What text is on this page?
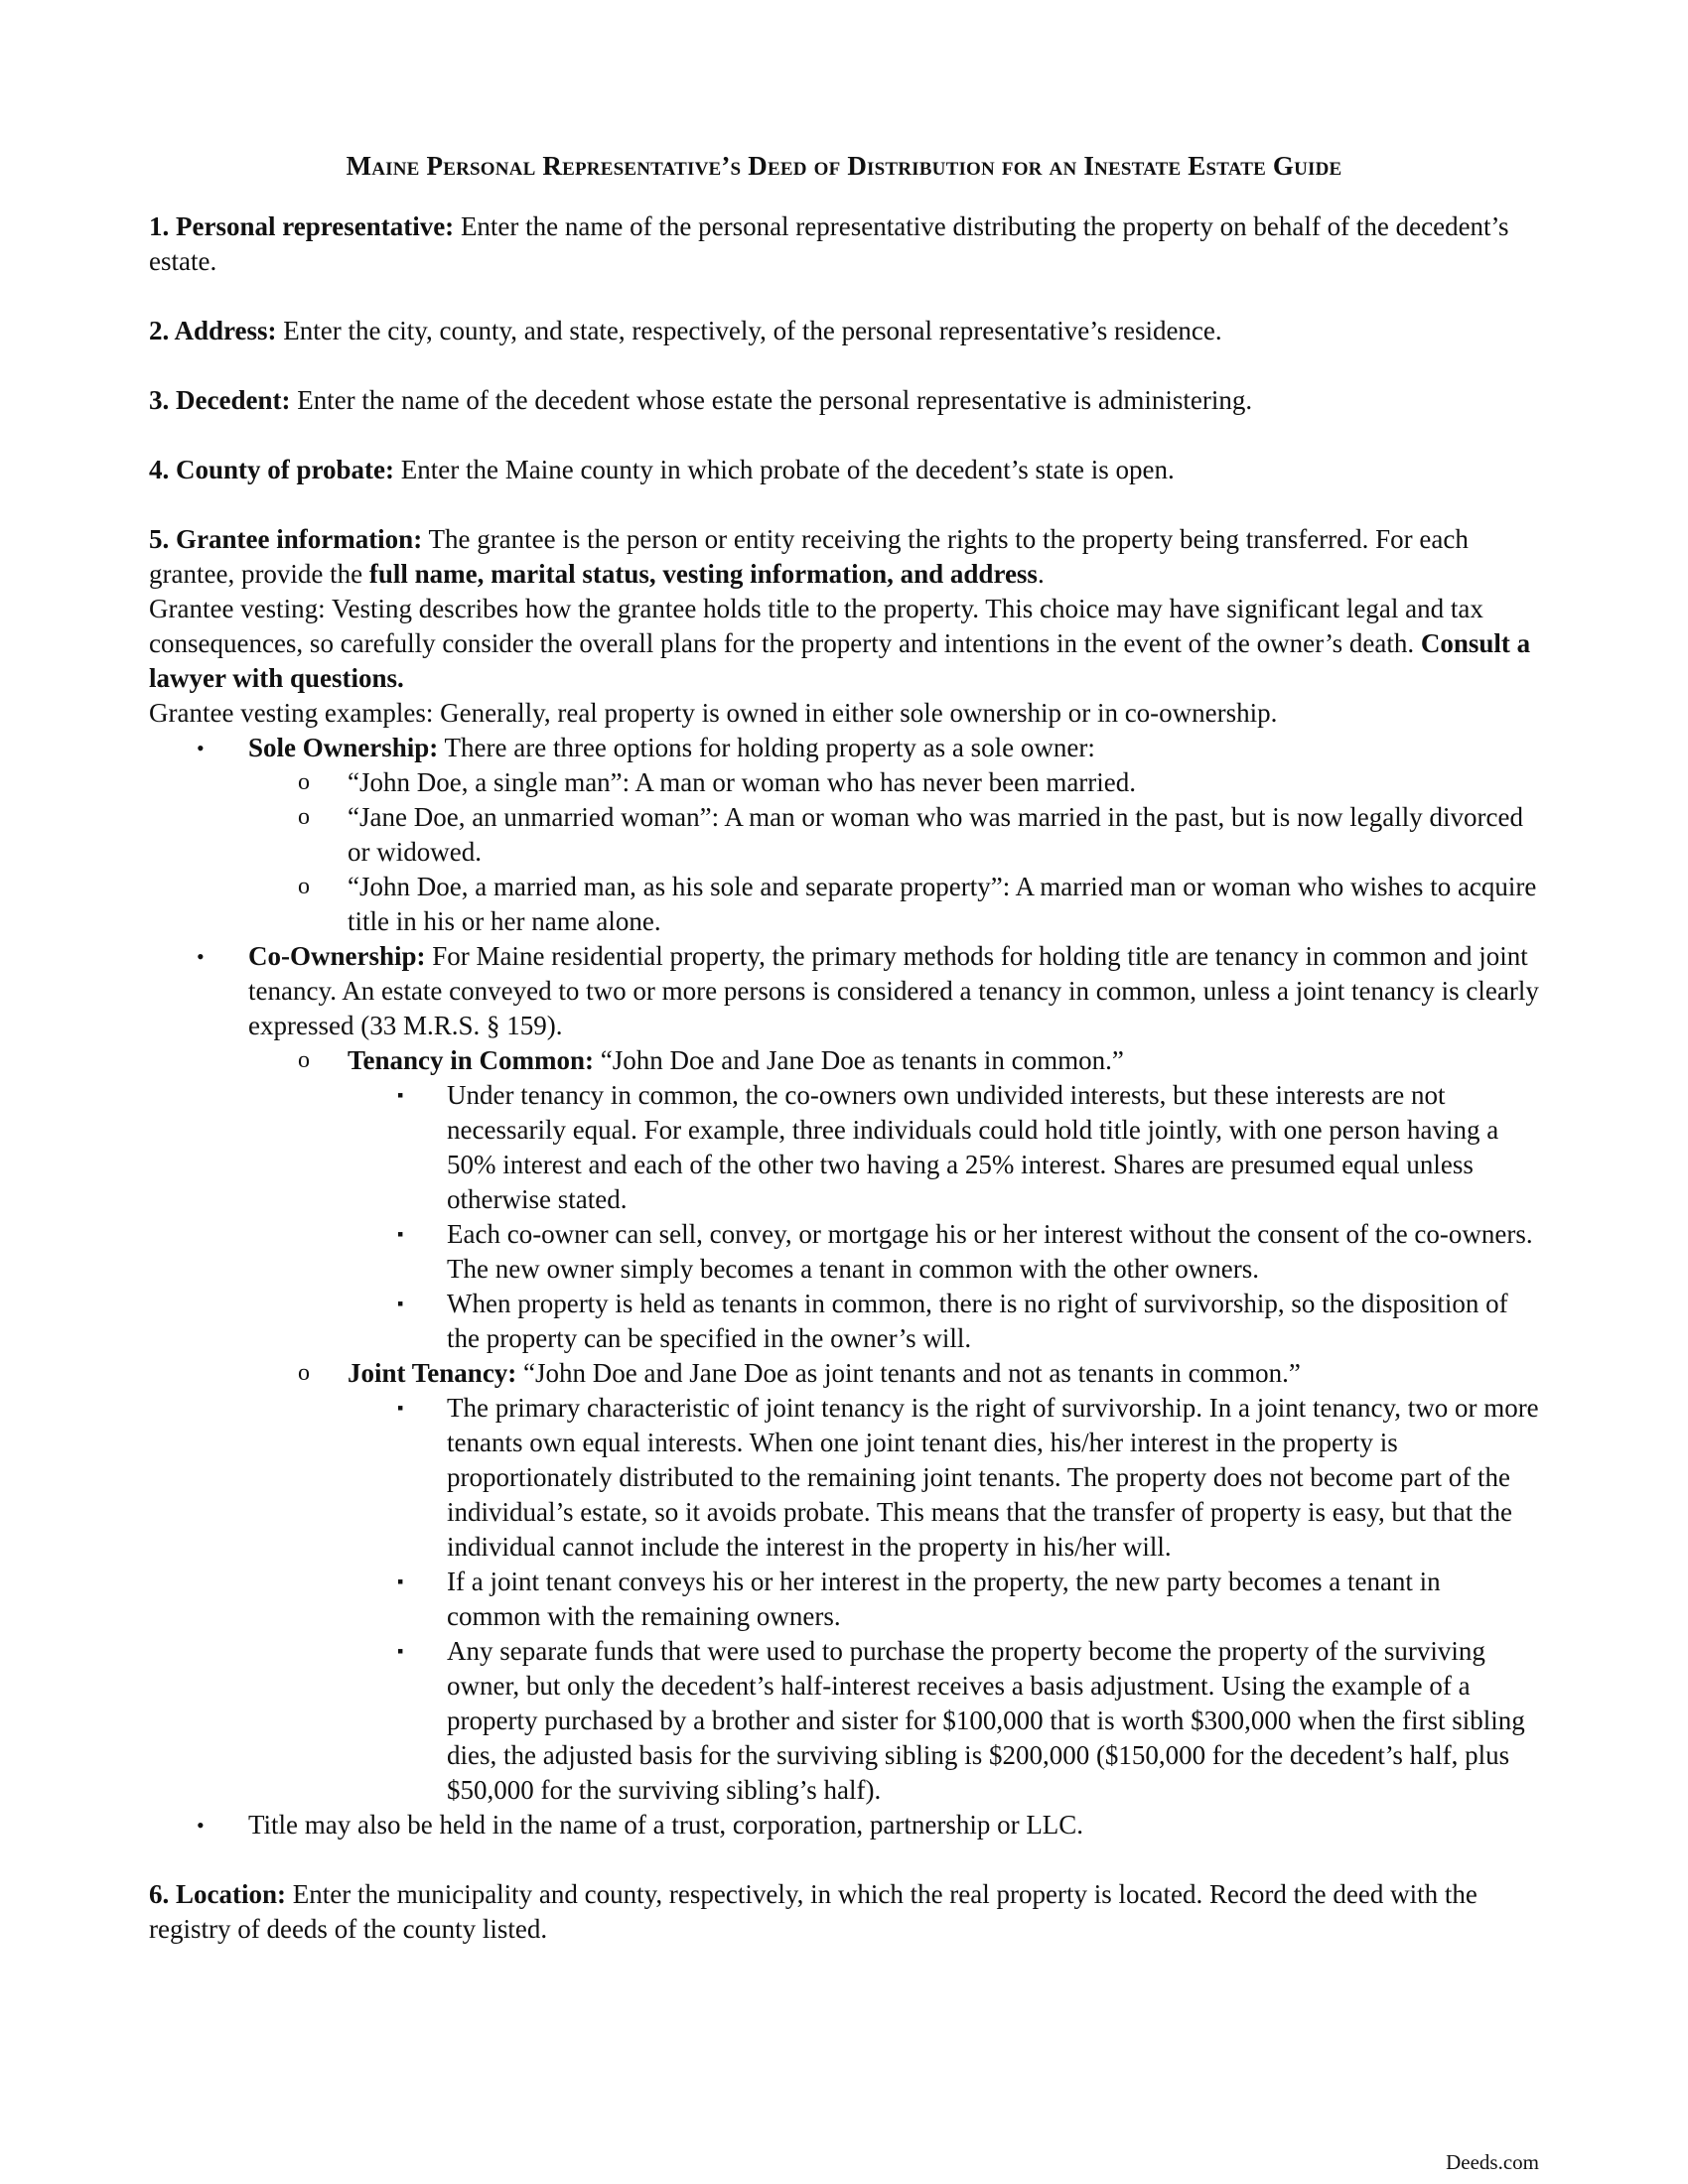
Maine Personal Representative’s Deed of Distribution for an Inestate Estate Guide
1. Personal representative: Enter the name of the personal representative distributing the property on behalf of the decedent’s estate.
2. Address: Enter the city, county, and state, respectively, of the personal representative’s residence.
3. Decedent: Enter the name of the decedent whose estate the personal representative is administering.
4. County of probate: Enter the Maine county in which probate of the decedent’s state is open.
5. Grantee information: The grantee is the person or entity receiving the rights to the property being transferred. For each grantee, provide the full name, marital status, vesting information, and address.
Grantee vesting: Vesting describes how the grantee holds title to the property. This choice may have significant legal and tax consequences, so carefully consider the overall plans for the property and intentions in the event of the owner’s death. Consult a lawyer with questions.
Grantee vesting examples: Generally, real property is owned in either sole ownership or in co-ownership.
• Sole Ownership: There are three options for holding property as a sole owner:
o “John Doe, a single man”: A man or woman who has never been married.
o “Jane Doe, an unmarried woman”: A man or woman who was married in the past, but is now legally divorced or widowed.
o “John Doe, a married man, as his sole and separate property”: A married man or woman who wishes to acquire title in his or her name alone.
• Co-Ownership: For Maine residential property, the primary methods for holding title are tenancy in common and joint tenancy. An estate conveyed to two or more persons is considered a tenancy in common, unless a joint tenancy is clearly expressed (33 M.R.S. § 159).
o Tenancy in Common: “John Doe and Jane Doe as tenants in common.”
▪ Under tenancy in common, the co-owners own undivided interests, but these interests are not necessarily equal. For example, three individuals could hold title jointly, with one person having a 50% interest and each of the other two having a 25% interest. Shares are presumed equal unless otherwise stated.
▪ Each co-owner can sell, convey, or mortgage his or her interest without the consent of the co-owners. The new owner simply becomes a tenant in common with the other owners.
▪ When property is held as tenants in common, there is no right of survivorship, so the disposition of the property can be specified in the owner’s will.
o Joint Tenancy: “John Doe and Jane Doe as joint tenants and not as tenants in common.”
▪ The primary characteristic of joint tenancy is the right of survivorship. In a joint tenancy, two or more tenants own equal interests. When one joint tenant dies, his/her interest in the property is proportionately distributed to the remaining joint tenants. The property does not become part of the individual’s estate, so it avoids probate. This means that the transfer of property is easy, but that the individual cannot include the interest in the property in his/her will.
▪ If a joint tenant conveys his or her interest in the property, the new party becomes a tenant in common with the remaining owners.
▪ Any separate funds that were used to purchase the property become the property of the surviving owner, but only the decedent’s half-interest receives a basis adjustment. Using the example of a property purchased by a brother and sister for $100,000 that is worth $300,000 when the first sibling dies, the adjusted basis for the surviving sibling is $200,000 ($150,000 for the decedent’s half, plus $50,000 for the surviving sibling’s half).
• Title may also be held in the name of a trust, corporation, partnership or LLC.
6. Location: Enter the municipality and county, respectively, in which the real property is located. Record the deed with the registry of deeds of the county listed.
Deeds.com
